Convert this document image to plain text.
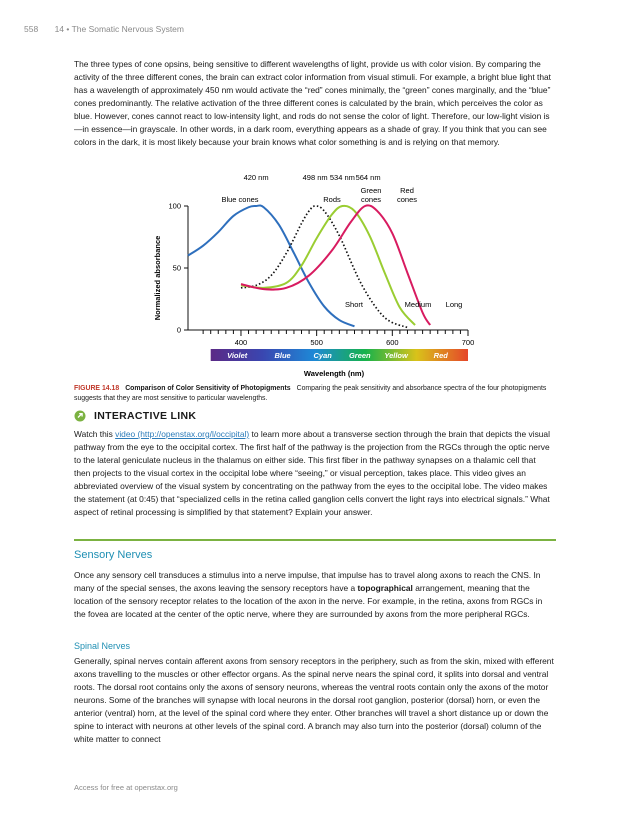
558 14 • The Somatic Nervous System

The three types of cone opsins, being sensitive to different wavelengths of light, provide us with color vision. By comparing the activity of the three different cones, the brain can extract color information from visual stimuli. For example, a bright blue light that has a wavelength of approximately 450 nm would activate the “red” cones minimally, the “green” cones marginally, and the “blue” cones predominantly. The relative activation of the three different cones is calculated by the brain, which perceives the color as blue. However, cones cannot react to low-intensity light, and rods do not sense the color of light. Therefore, our low-light vision is—in essence—in grayscale. In other words, in a dark room, everything appears as a shade of gray. If you think that you can see colors in the dark, it is most likely because your brain knows what color something is and is relying on that memory.

Normalized absorbance
0
50
100
400	500	600	700
420 nm	498 nm 534 nm 564 nm
Violet	Blue	Cyan Green Yellow	Red
Blue cones	Rods
Green cones
Red cones
Short	Medium Long
Wavelength (nm)
FIGURE 14.18 Comparison of Color Sensitivity of Photopigments Comparing the peak sensitivity and absorbance spectra of the four photopigments suggests that they are most sensitive to particular wavelengths.
INTERACTIVE LINK

Watch this video (http://openstax.org/l/occipital) to learn more about a transverse section through the brain that depicts the visual pathway from the eye to the occipital cortex. The first half of the pathway is the projection from the RGCs through the optic nerve to the lateral geniculate nucleus in the thalamus on either side. This first fiber in the pathway synapses on a thalamic cell that then projects to the visual cortex in the occipital lobe where “seeing,” or visual perception, takes place. This video gives an abbreviated overview of the visual system by concentrating on the pathway from the eyes to the occipital lobe. The video makes the statement (at 0:45) that “specialized cells in the retina called ganglion cells convert the light rays into electrical signals.” What aspect of retinal processing is simplified by that statement? Explain your answer.

Sensory Nerves

Once any sensory cell transduces a stimulus into a nerve impulse, that impulse has to travel along axons to reach the CNS. In many of the special senses, the axons leaving the sensory receptors have a topographical arrangement, meaning that the location of the sensory receptor relates to the location of the axon in the nerve. For example, in the retina, axons from RGCs in the fovea are located at the center of the optic nerve, where they are surrounded by axons from the more peripheral RGCs.

Spinal Nerves

Generally, spinal nerves contain afferent axons from sensory receptors in the periphery, such as from the skin, mixed with efferent axons travelling to the muscles or other effector organs. As the spinal nerve nears the spinal cord, it splits into dorsal and ventral roots. The dorsal root contains only the axons of sensory neurons, whereas the ventral roots contain only the axons of the motor neurons. Some of the branches will synapse with local neurons in the dorsal root ganglion, posterior (dorsal) horn, or even the anterior (ventral) horn, at the level of the spinal cord where they enter. Other branches will travel a short distance up or down the spine to interact with neurons at other levels of the spinal cord. A branch may also turn into the posterior (dorsal) column of the white matter to connect

Access for free at openstax.org
